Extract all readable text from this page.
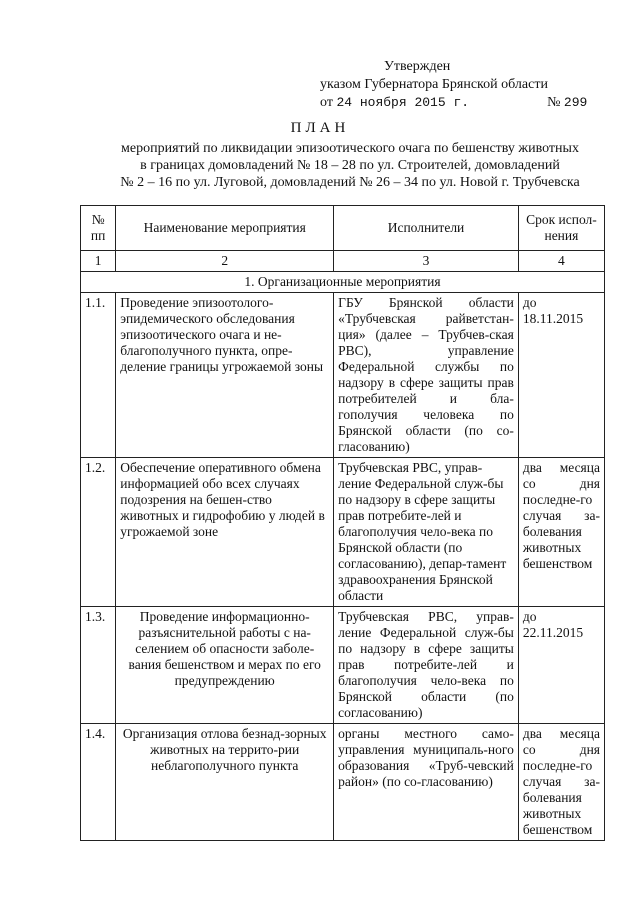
Утвержден
указом Губернатора Брянской области
от
24 ноября 2015 г.	№
299
ПЛАН
мероприятий по ликвидации эпизоотического очага по бешенству животных
в границах домовладений № 18 – 28 по ул. Строителей, домовладений
№ 2 – 16 по ул. Луговой, домовладений № 26 – 34 по ул. Новой г. Трубчевска
№ пп	Наименование мероприятия	Исполнители	Срок испол-нения
1	2	3	4
1. Организационные мероприятия			
1.1.	Проведение эпизоотолого-эпидемического обследования эпизоотического очага и не-благополучного пункта, опре-деление границы угрожаемой зоны	ГБУ Брянской области «Трубчевская райветстан-ция» (далее – Трубчев-ская РВС), управление Федеральной службы по надзору в сфере защиты прав потребителей и бла-гополучия человека по Брянской области (по со-гласованию)	до 18.11.2015
1.2.	Обеспечение оперативного обмена информацией обо всех случаях подозрения на бешен-ство животных и гидрофобию у людей в угрожаемой зоне	Трубчевская РВС, управ-ление Федеральной служ-бы по надзору в сфере защиты прав потребите-лей и благополучия чело-века по Брянской области (по согласованию), депар-тамент здравоохранения Брянской области	два месяца со дня последне-го случая за-болевания животных бешенством
1.3.	Проведение информационно-разъяснительной работы с на-селением об опасности заболе-вания бешенством и мерах по его предупреждению	Трубчевская РВС, управ-ление Федеральной служ-бы по надзору в сфере защиты прав потребите-лей и благополучия чело-века по Брянской области (по согласованию)	до 22.11.2015
1.4.	Организация отлова безнад-зорных животных на террито-рии неблагополучного пункта	органы местного само-управления муниципаль-ного образования «Труб-чевский район» (по со-гласованию)	два месяца со дня последне-го случая за-болевания животных бешенством
